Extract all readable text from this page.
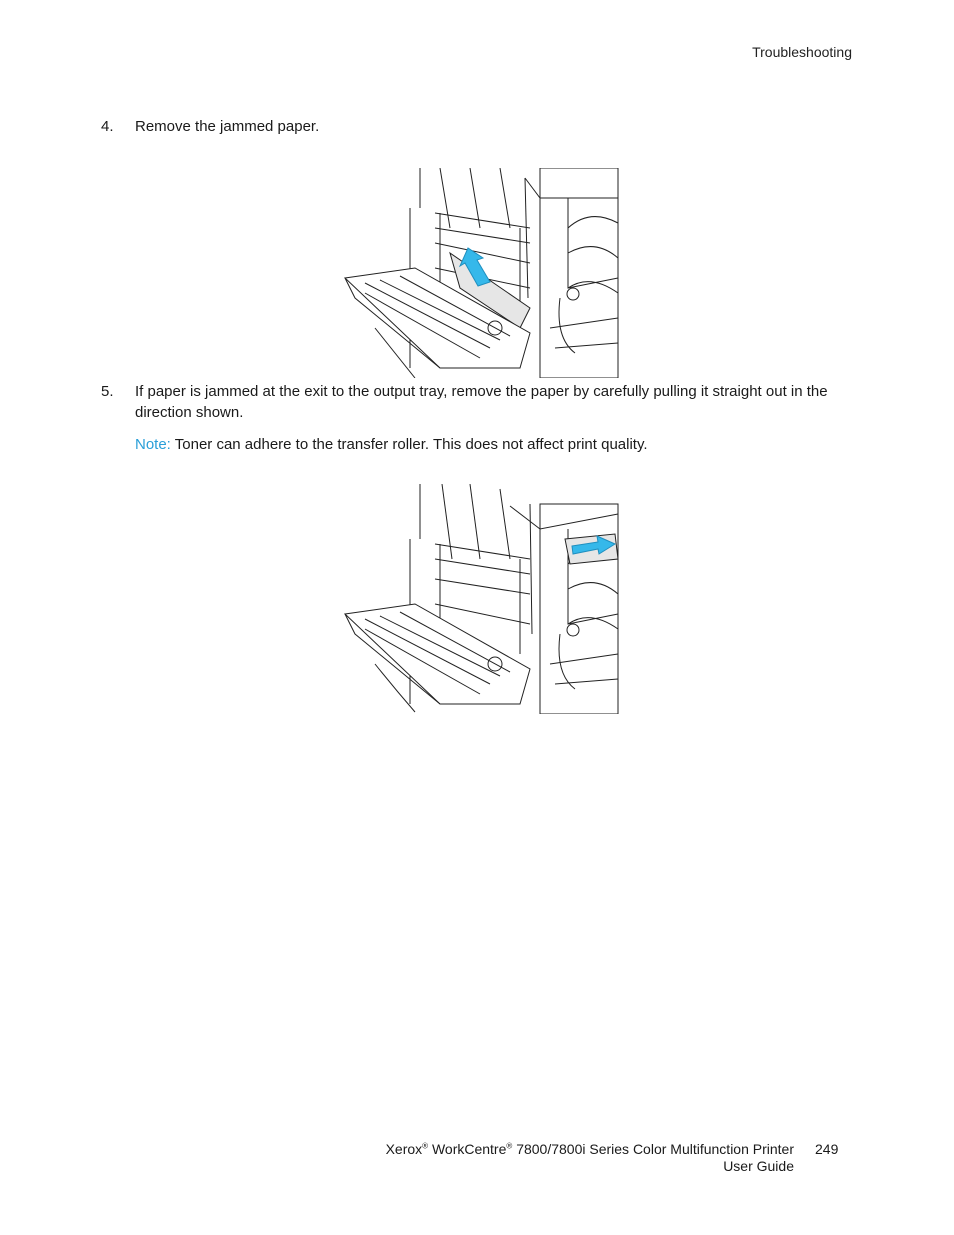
Troubleshooting
4.	Remove the jammed paper.
5.	If paper is jammed at the exit to the output tray, remove the paper by carefully pulling it straight out in the direction shown.
Note: Toner can adhere to the transfer roller. This does not affect print quality.
Xerox® WorkCentre® 7800/7800i Series Color Multifunction Printer
User Guide
249
